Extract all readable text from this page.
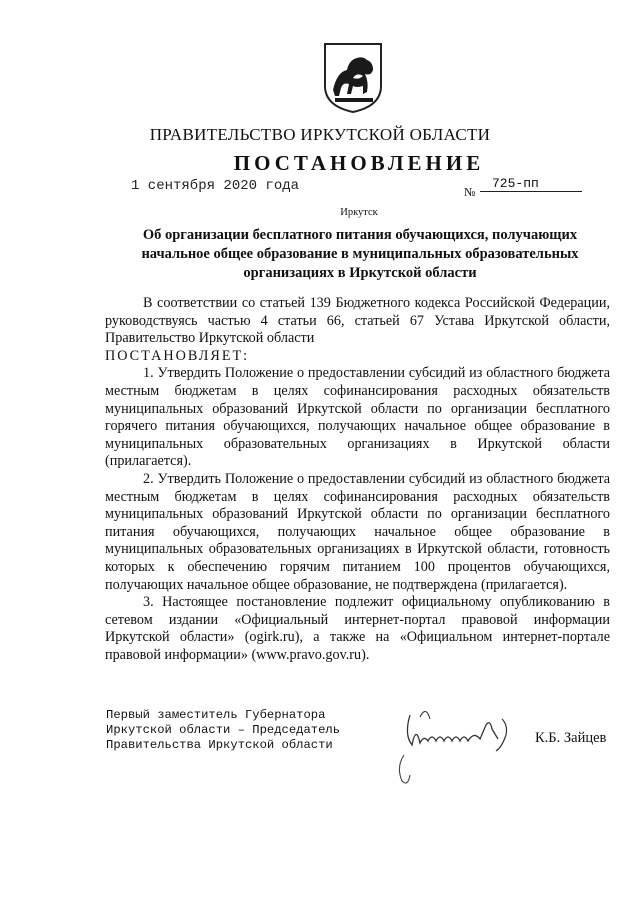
ПРАВИТЕЛЬСТВО ИРКУТСКОЙ ОБЛАСТИ
ПОСТАНОВЛЕНИЕ
1 сентября 2020 года	№
725-пп
Иркутск
Об организации бесплатного питания обучающихся, получающих начальное общее образование в муниципальных образовательных организациях в Иркутской области

В соответствии со статьей 139 Бюджетного кодекса Российской Федерации, руководствуясь частью 4 статьи 66, статьей 67 Устава Иркутской области, Правительство Иркутской области

ПОСТАНОВЛЯЕТ:

1. Утвердить Положение о предоставлении субсидий из областного бюджета местным бюджетам в целях софинансирования расходных обязательств муниципальных образований Иркутской области по организации бесплатного горячего питания обучающихся, получающих начальное общее образование в муниципальных образовательных организациях в Иркутской области (прилагается).

2. Утвердить Положение о предоставлении субсидий из областного бюджета местным бюджетам в целях софинансирования расходных обязательств муниципальных образований Иркутской области по организации бесплатного питания обучающихся, получающих начальное общее образование в муниципальных образовательных организациях в Иркутской области, готовность которых к обеспечению горячим питанием 100 процентов обучающихся, получающих начальное общее образование, не подтверждена (прилагается).

3. Настоящее постановление подлежит официальному опубликованию в сетевом издании «Официальный интернет-портал правовой информации Иркутской области» (ogirk.ru), а также на «Официальном интернет-портале правовой информации» (www.pravo.gov.ru).

Первый заместитель Губернатора
Иркутской области – Председатель
Правительства Иркутской области	К.Б. Зайцев
